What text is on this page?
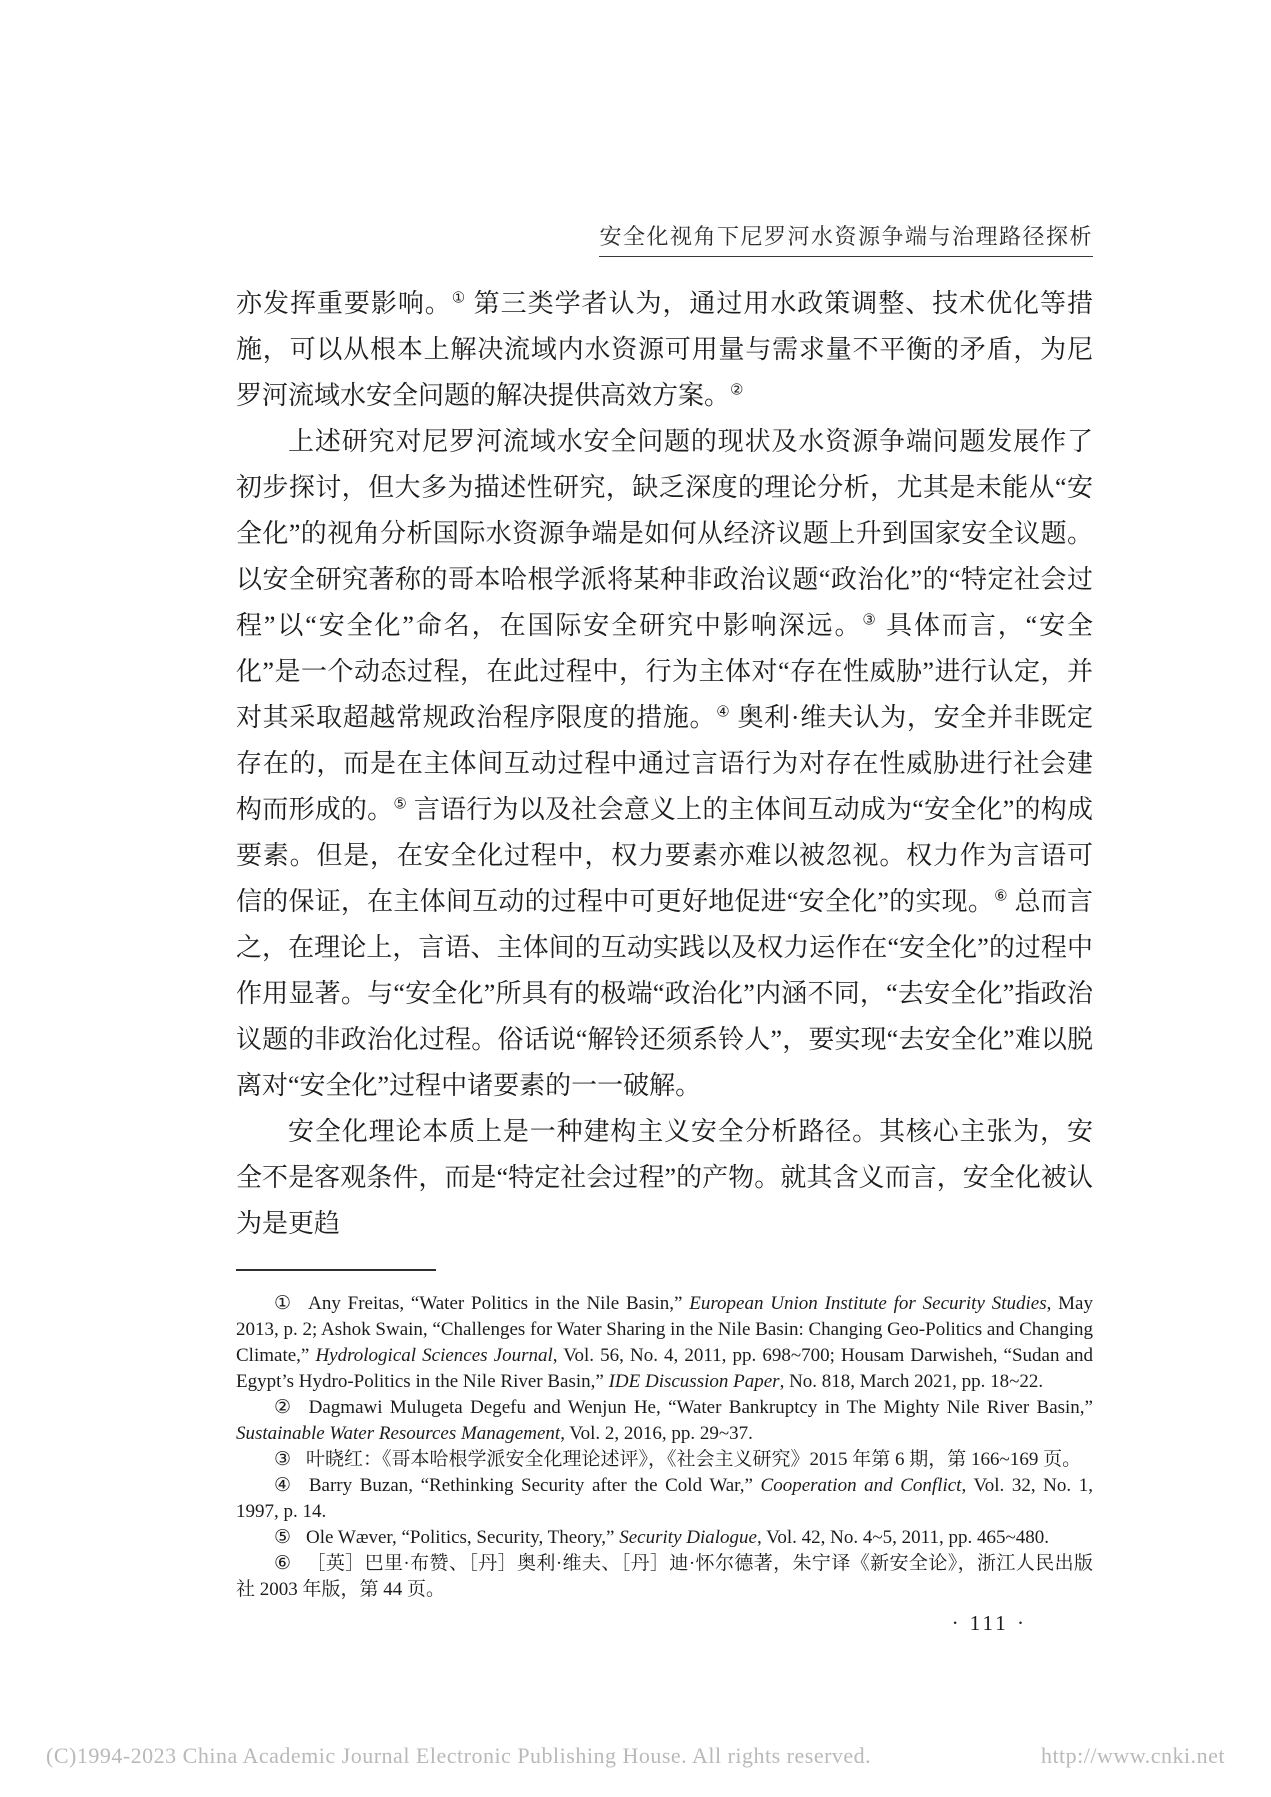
安全化视角下尼罗河水资源争端与治理路径探析

亦发挥重要影响。① 第三类学者认为，通过用水政策调整、技术优化等措施，可以从根本上解决流域内水资源可用量与需求量不平衡的矛盾，为尼罗河流域水安全问题的解决提供高效方案。②

上述研究对尼罗河流域水安全问题的现状及水资源争端问题发展作了初步探讨，但大多为描述性研究，缺乏深度的理论分析，尤其是未能从“安全化”的视角分析国际水资源争端是如何从经济议题上升到国家安全议题。以安全研究著称的哥本哈根学派将某种非政治议题“政治化”的“特定社会过程”以“安全化”命名，在国际安全研究中影响深远。③ 具体而言，“安全化”是一个动态过程，在此过程中，行为主体对“存在性威胁”进行认定，并对其采取超越常规政治程序限度的措施。④ 奥利·维夫认为，安全并非既定存在的，而是在主体间互动过程中通过言语行为对存在性威胁进行社会建构而形成的。⑤ 言语行为以及社会意义上的主体间互动成为“安全化”的构成要素。但是，在安全化过程中，权力要素亦难以被忽视。权力作为言语可信的保证，在主体间互动的过程中可更好地促进“安全化”的实现。⑥ 总而言之，在理论上，言语、主体间的互动实践以及权力运作在“安全化”的过程中作用显著。与“安全化”所具有的极端“政治化”内涵不同，“去安全化”指政治议题的非政治化过程。俗话说“解铃还须系铃人”，要实现“去安全化”难以脱离对“安全化”过程中诸要素的一一破解。

安全化理论本质上是一种建构主义安全分析路径。其核心主张为，安全不是客观条件，而是“特定社会过程”的产物。就其含义而言，安全化被认为是更趋

① Any Freitas, “Water Politics in the Nile Basin,” European Union Institute for Security Studies, May 2013, p. 2; Ashok Swain, “Challenges for Water Sharing in the Nile Basin: Changing Geo-Politics and Changing Climate,” Hydrological Sciences Journal, Vol. 56, No. 4, 2011, pp. 698~700; Housam Darwisheh, “Sudan and Egypt’s Hydro-Politics in the Nile River Basin,” IDE Discussion Paper, No. 818, March 2021, pp. 18~22.
② Dagmawi Mulugeta Degefu and Wenjun He, “Water Bankruptcy in The Mighty Nile River Basin,” Sustainable Water Resources Management, Vol. 2, 2016, pp. 29~37.
③ 叶晓红：《哥本哈根学派安全化理论述评》，《社会主义研究》2015 年第 6 期，第 166~169 页。
④ Barry Buzan, “Rethinking Security after the Cold War,” Cooperation and Conflict, Vol. 32, No. 1, 1997, p. 14.
⑤ Ole Wæver, “Politics, Security, Theory,” Security Dialogue, Vol. 42, No. 4~5, 2011, pp. 465~480.
⑥ ［英］巴里·布赞、［丹］奥利·维夫、［丹］迪·怀尔德著，朱宁译《新安全论》，浙江人民出版社 2003 年版，第 44 页。
· 111 ·
(C)1994-2023 China Academic Journal Electronic Publishing House. All rights reserved.	http://www.cnki.net
